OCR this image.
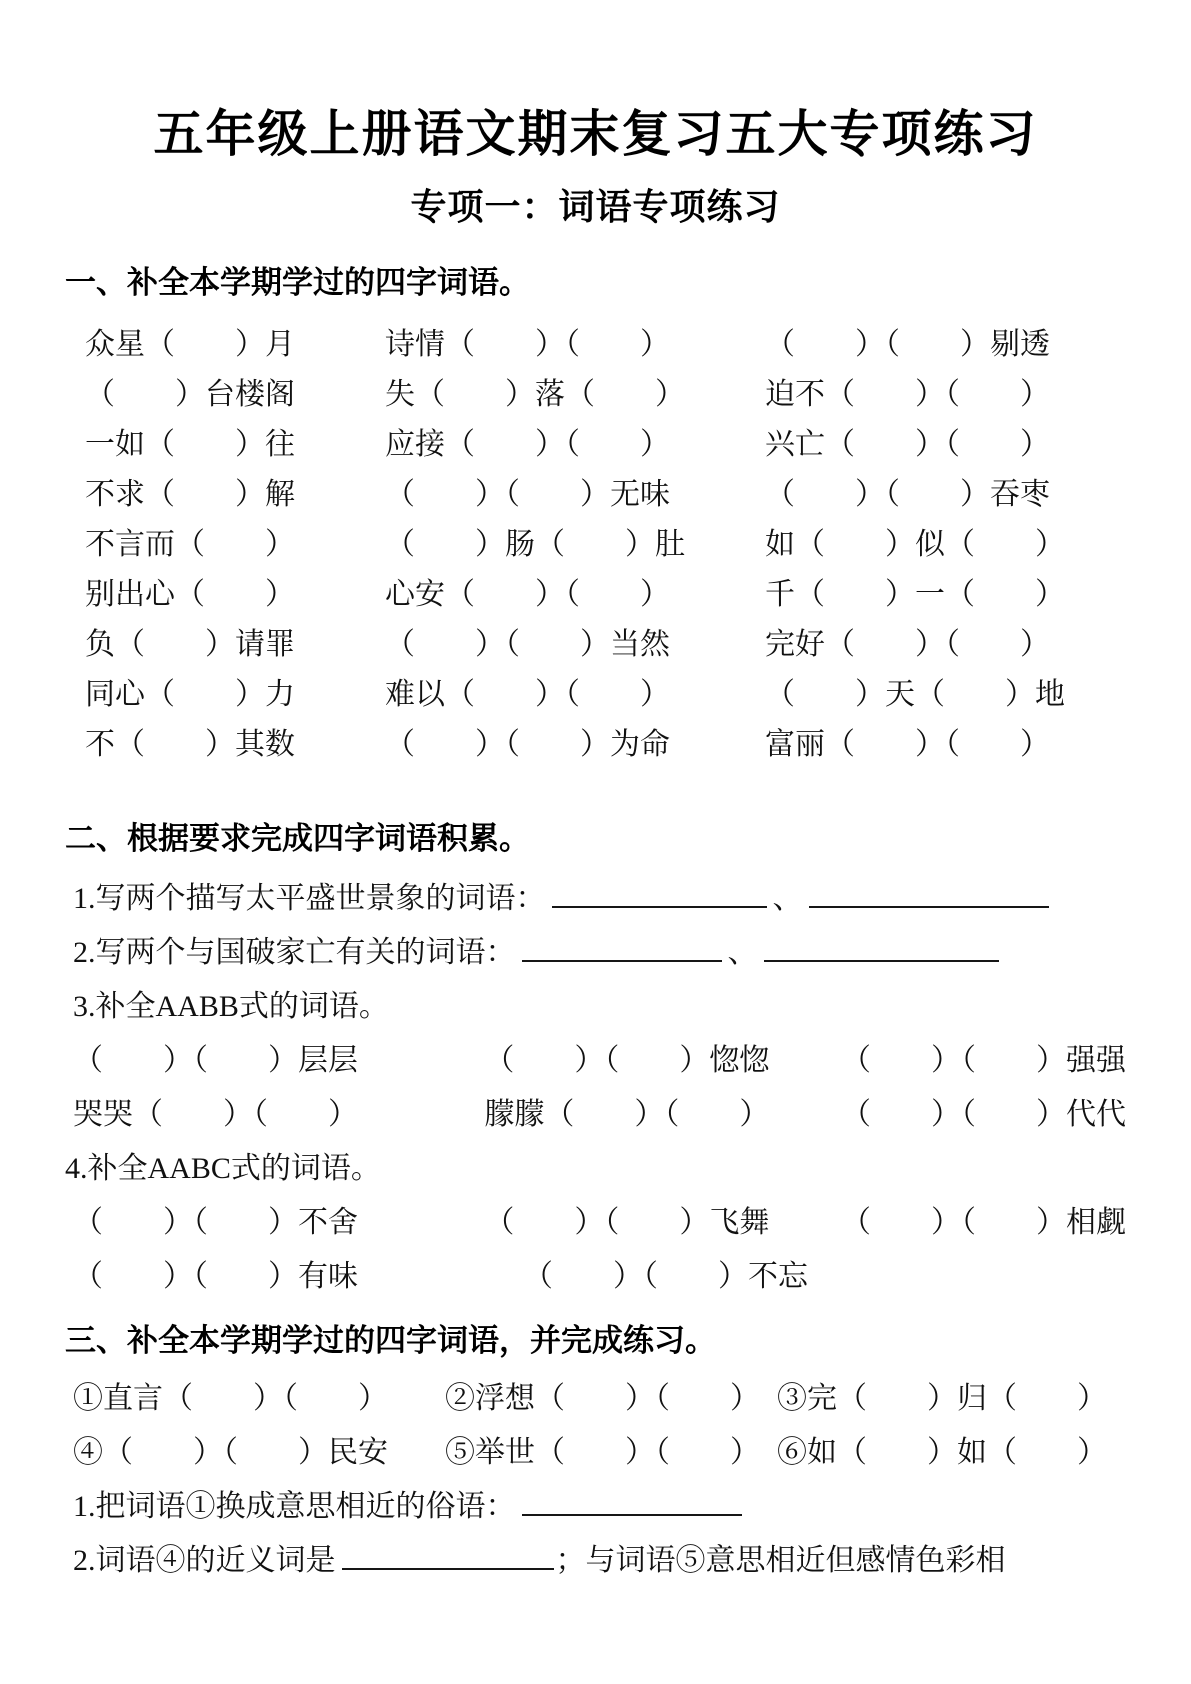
五年级上册语文期末复习五大专项练习
专项一：词语专项练习
一、补全本学期学过的四字词语。
众星（　　）月	诗情（　　）（　　）	（　　）（　　）剔透
（　　）台楼阁	失（　　）落（　　）	迫不（　　）（　　）
一如（　　）往	应接（　　）（　　）	兴亡（　　）（　　）
不求（　　）解	（　　）（　　）无味	（　　）（　　）吞枣
不言而（　　）	（　　）肠（　　）肚	如（　　）似（　　）
别出心（　　）	心安（　　）（　　）	千（　　）一（　　）
负（　　）请罪	（　　）（　　）当然	完好（　　）（　　）
同心（　　）力	难以（　　）（　　）	（　　）天（　　）地
不（　　）其数	（　　）（　　）为命	富丽（　　）（　　）
二、根据要求完成四字词语积累。
1.写两个描写太平盛世景象的词语：	、
2.写两个与国破家亡有关的词语：	、
3.补全AABB式的词语。
（　　）（　　）层层	（　　）（　　）惚惚	（　　）（　　）强强
哭哭（　　）（　　）	朦朦（　　）（　　）	（　　）（　　）代代
4.补全AABC式的词语。
（　　）（　　）不舍	（　　）（　　）飞舞	（　　）（　　）相觑
（　　）（　　）有味	（　　）（　　）不忘
三、补全本学期学过的四字词语，并完成练习。
①直言（　　）（　　）	②浮想（　　）（　　） ③完（　　）归（　　）
④（　　）（　　）民安	⑤举世（　　）（　　） ⑥如（　　）如（　　）
1.把词语①换成意思相近的俗语：
2.词语④的近义词是	；与词语⑤意思相近但感情色彩相
